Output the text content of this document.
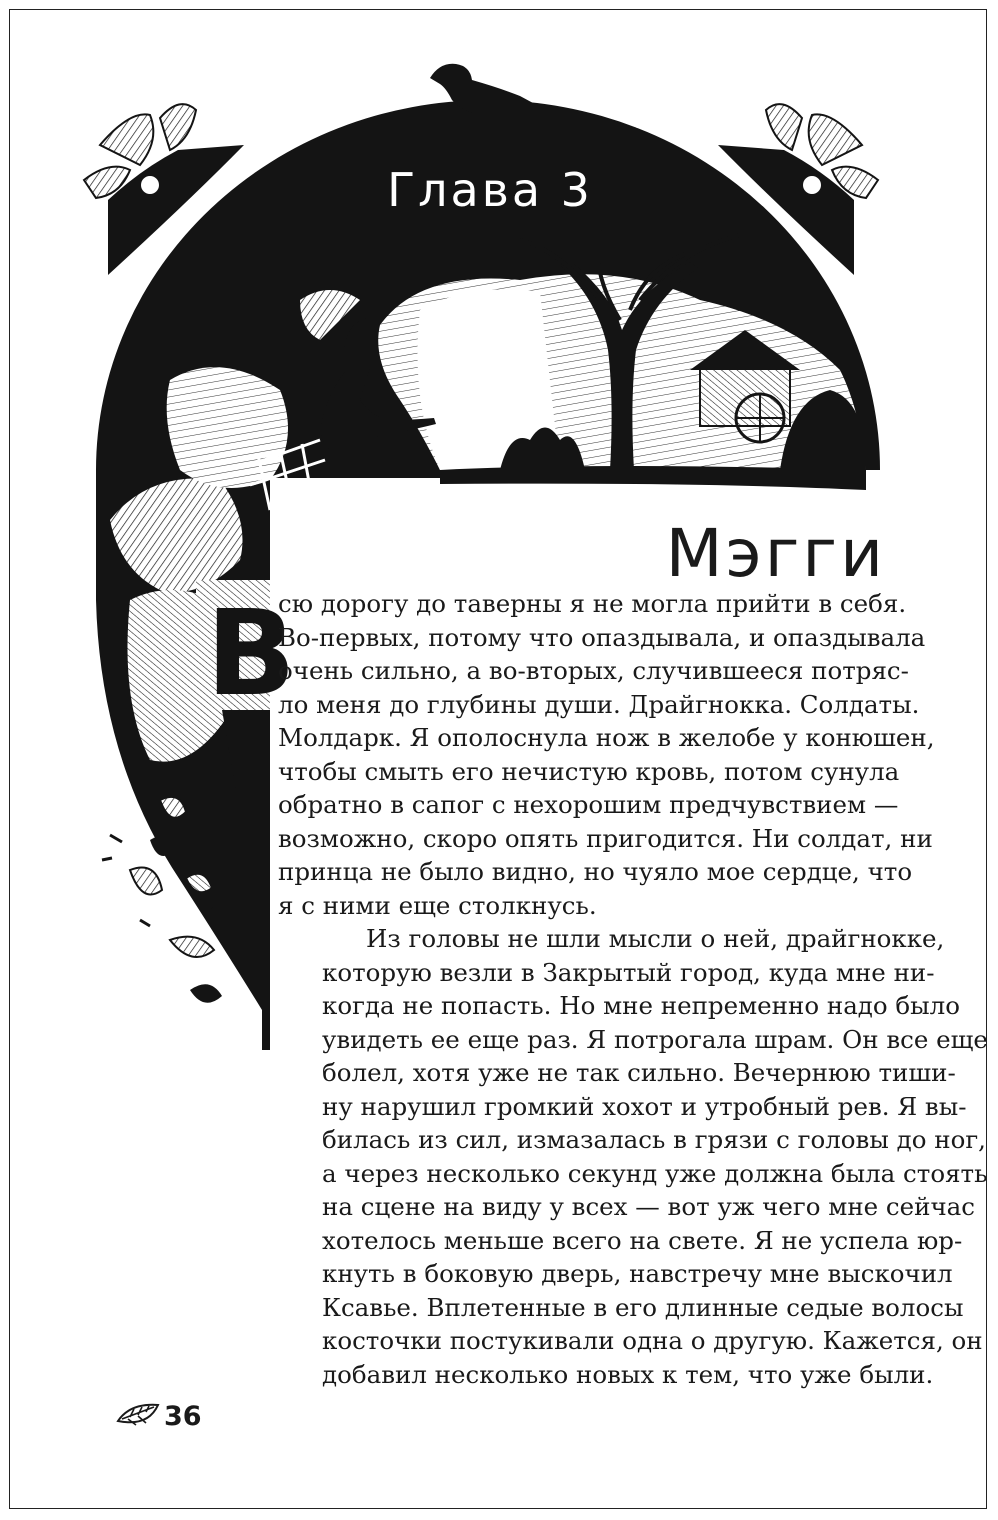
Глава 3
Мэгги
В

сю дорогу до таверны я не могла прийти в себя.
Во-первых, потому что опаздывала, и опаздывала
очень сильно, а во-вторых, случившееся потряс-
ло меня до глубины души. Драйгнокка. Солдаты.
Молдарк. Я ополоснула нож в желобе у конюшен,
чтобы смыть его нечистую кровь, потом сунула
обратно в сапог с нехорошим предчувствием —
возможно, скоро опять пригодится. Ни солдат, ни
принца не было видно, но чуяло мое сердце, что
я с ними еще столкнусь.

Из головы не шли мысли о ней, драйгнокке,
которую везли в Закрытый город, куда мне ни-
когда не попасть. Но мне непременно надо было
увидеть ее еще раз. Я потрогала шрам. Он все еще
болел, хотя уже не так сильно. Вечернюю тиши-
ну нарушил громкий хохот и утробный рев. Я вы-
билась из сил, измазалась в грязи с головы до ног,
а через несколько секунд уже должна была стоять
на сцене на виду у всех — вот уж чего мне сейчас
хотелось меньше всего на свете. Я не успела юр-
кнуть в боковую дверь, навстречу мне выскочил
Ксавье. Вплетенные в его длинные седые волосы
косточки постукивали одна о другую. Кажется, он
добавил несколько новых к тем, что уже были.

36
